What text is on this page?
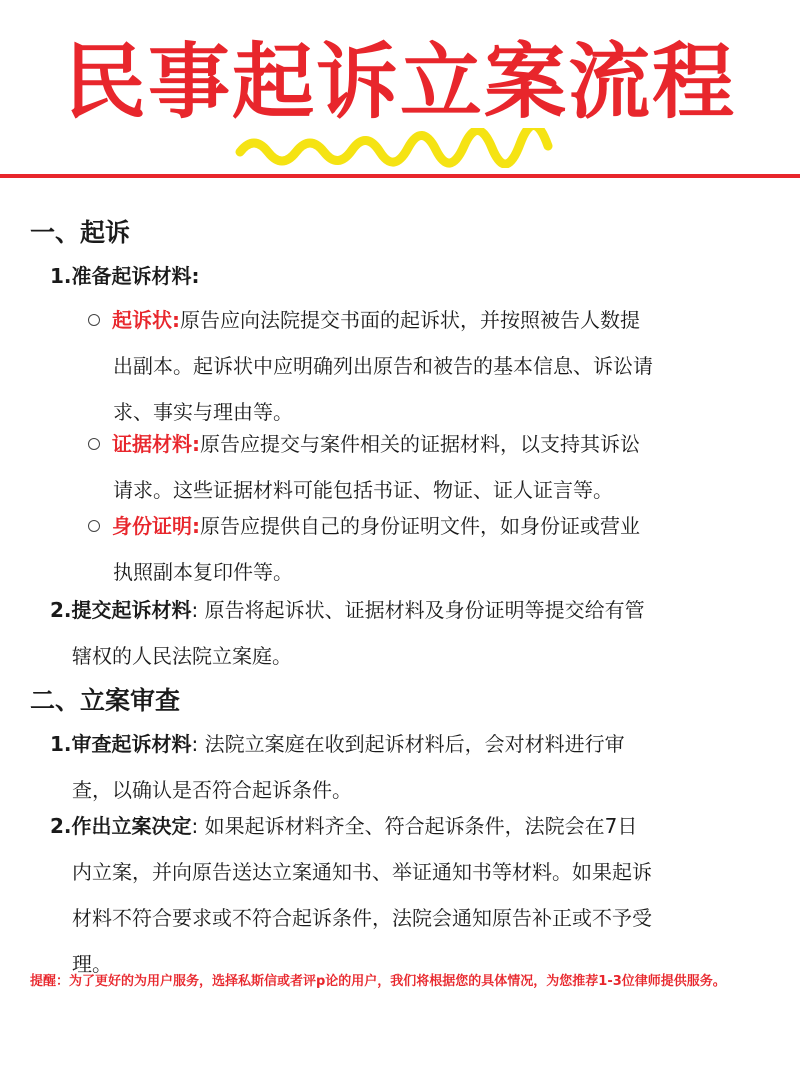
民事起诉立案流程
一、起诉
1.准备起诉材料:
起诉状:原告应向法院提交书面的起诉状，并按照被告人数提
出副本。起诉状中应明确列出原告和被告的基本信息、诉讼请
求、事实与理由等。
证据材料:原告应提交与案件相关的证据材料，以支持其诉讼
请求。这些证据材料可能包括书证、物证、证人证言等。
身份证明:原告应提供自己的身份证明文件，如身份证或营业
执照副本复印件等。
2.提交起诉材料: 原告将起诉状、证据材料及身份证明等提交给有管
辖权的人民法院立案庭。
二、立案审查
1.审查起诉材料: 法院立案庭在收到起诉材料后，会对材料进行审
查，以确认是否符合起诉条件。
2.作出立案决定: 如果起诉材料齐全、符合起诉条件，法院会在7日
内立案，并向原告送达立案通知书、举证通知书等材料。如果起诉
材料不符合要求或不符合起诉条件，法院会通知原告补正或不予受
理。
提醒：为了更好的为用户服务，选择私斯信或者评p论的用户，我们将根据您的具体情况，为您推荐1-3位律师提供服务。
